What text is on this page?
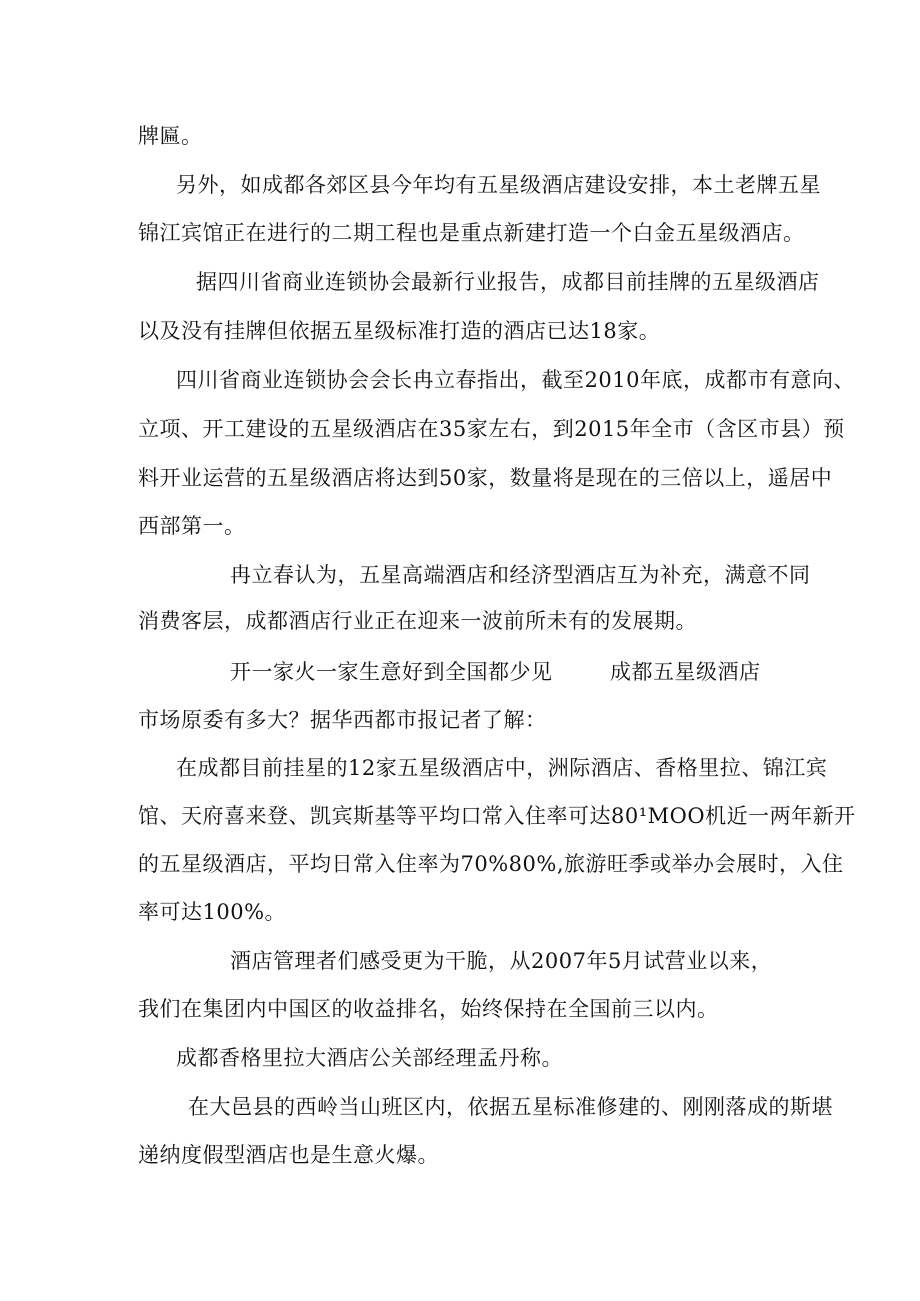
牌匾。
另外，如成都各郊区县今年均有五星级酒店建设安排，本土老牌五星
锦江宾馆正在进行的二期工程也是重点新建打造一个白金五星级酒店。
据四川省商业连锁协会最新行业报告，成都目前挂牌的五星级酒店
以及没有挂牌但依据五星级标准打造的酒店已达18家。
四川省商业连锁协会会长冉立春指出，截至2010年底，成都市有意向、
立项、开工建设的五星级酒店在35家左右，到2015年全市（含区市县）预
料开业运营的五星级酒店将达到50家，数量将是现在的三倍以上，遥居中
西部第一。
冉立春认为，五星高端酒店和经济型酒店互为补充，满意不同
消费客层，成都酒店行业正在迎来一波前所未有的发展期。
开一家火一家生意好到全国都少见	成都五星级酒店
市场原委有多大？据华西都市报记者了解：
在成都目前挂星的12家五星级酒店中，洲际酒店、香格里拉、锦江宾
馆、天府喜来登、凯宾斯基等平均口常入住率可达80¹MOO机近一两年新开
的五星级酒店，平均日常入住率为70%80%,旅游旺季或举办会展时，入住
率可达100%。
酒店管理者们感受更为干脆，从2007年5月试营业以来，
我们在集团内中国区的收益排名，始终保持在全国前三以内。
成都香格里拉大酒店公关部经理孟丹称。
在大邑县的西岭当山班区内，依据五星标准修建的、刚刚落成的斯堪
递纳度假型酒店也是生意火爆。
